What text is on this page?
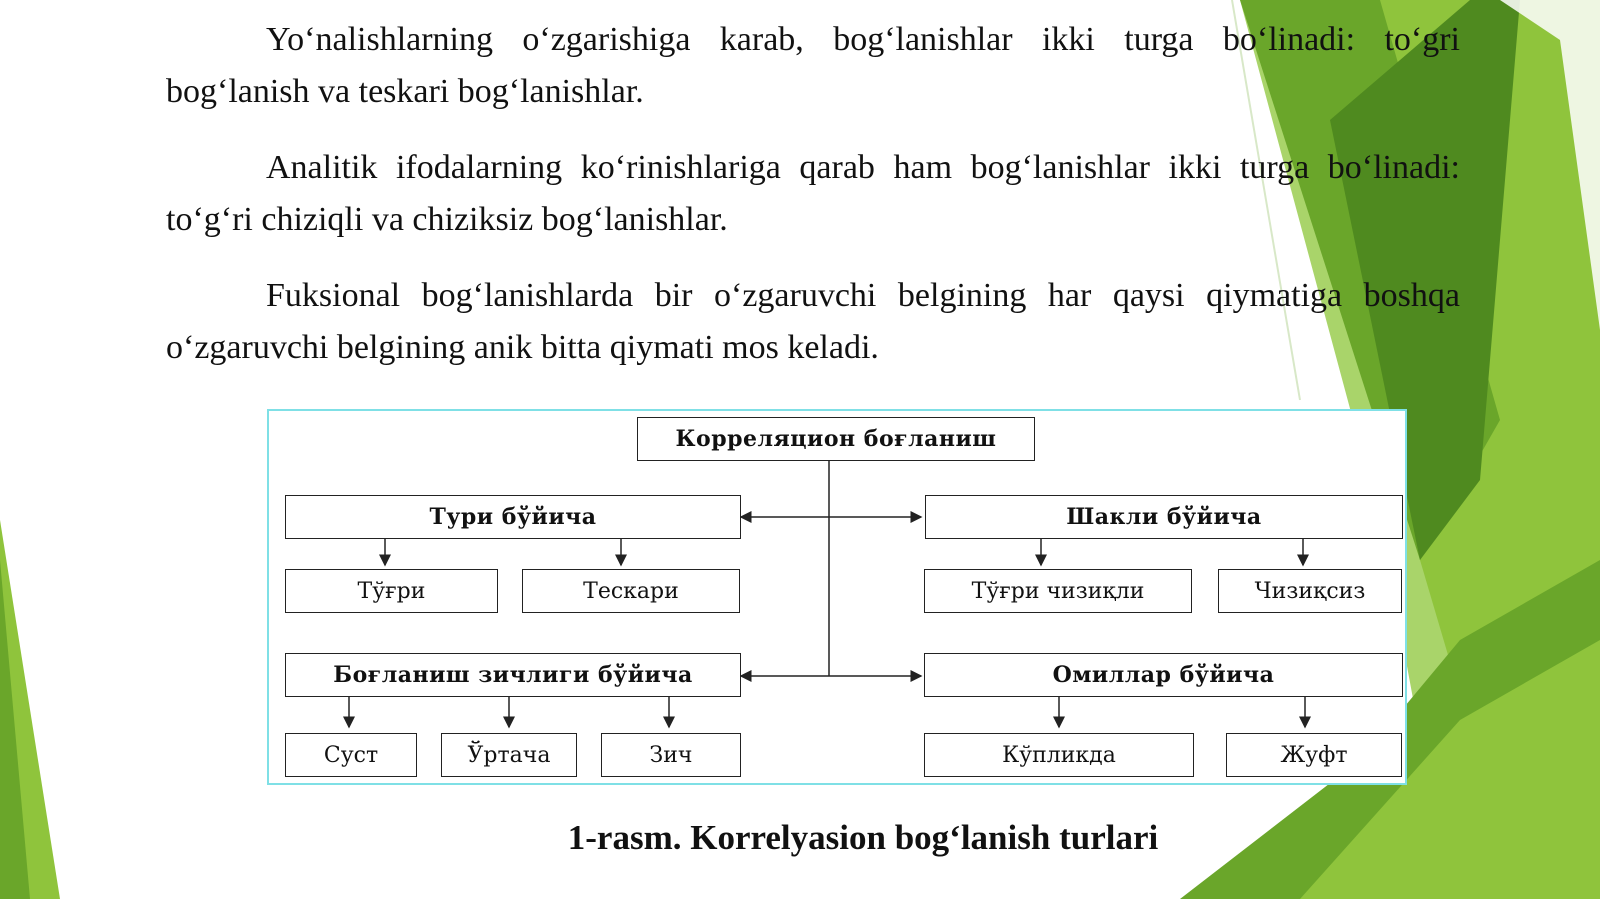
Yo‘nalishlarning o‘zgarishiga karab, bog‘lanishlar ikki turga bo‘linadi: to‘gri bog‘lanish va teskari bog‘lanishlar.

Analitik ifodalarning ko‘rinishlariga qarab ham bog‘lanishlar ikki turga bo‘linadi: to‘g‘ri chiziqli va chiziksiz bog‘lanishlar.

Fuksional bog‘lanishlarda bir o‘zgaruvchi belgining har qaysi qiymatiga boshqa o‘zgaruvchi belgining anik bitta qiymati mos keladi.

Корреляцион боғланиш
Тури бўйича	Шакли бўйича
Тўғри	Тескари	Тўғри чизиқли	Чизиқсиз
Боғланиш зичлиги бўйича	Омиллар бўйича
Суст	Ўртача	Зич	Кўпликда	Жуфт
1-rasm. Korrelyasion bog‘lanish turlari
